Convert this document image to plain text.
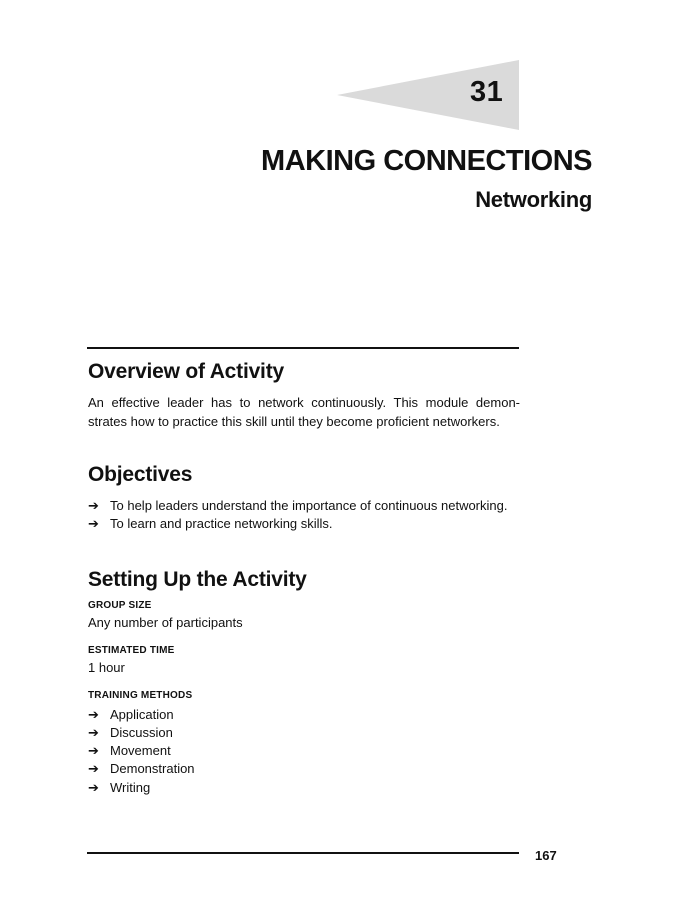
31
MAKING CONNECTIONS
Networking
Overview of Activity

An effective leader has to network continuously. This module demon-strates how to practice this skill until they become proficient networkers.

Objectives
➔ To help leaders understand the importance of continuous networking.
➔ To learn and practice networking skills.
Setting Up the Activity
GROUP SIZE
Any number of participants
ESTIMATED TIME
1 hour
TRAINING METHODS
➔ Application
➔ Discussion
➔ Movement
➔ Demonstration
➔ Writing
167
